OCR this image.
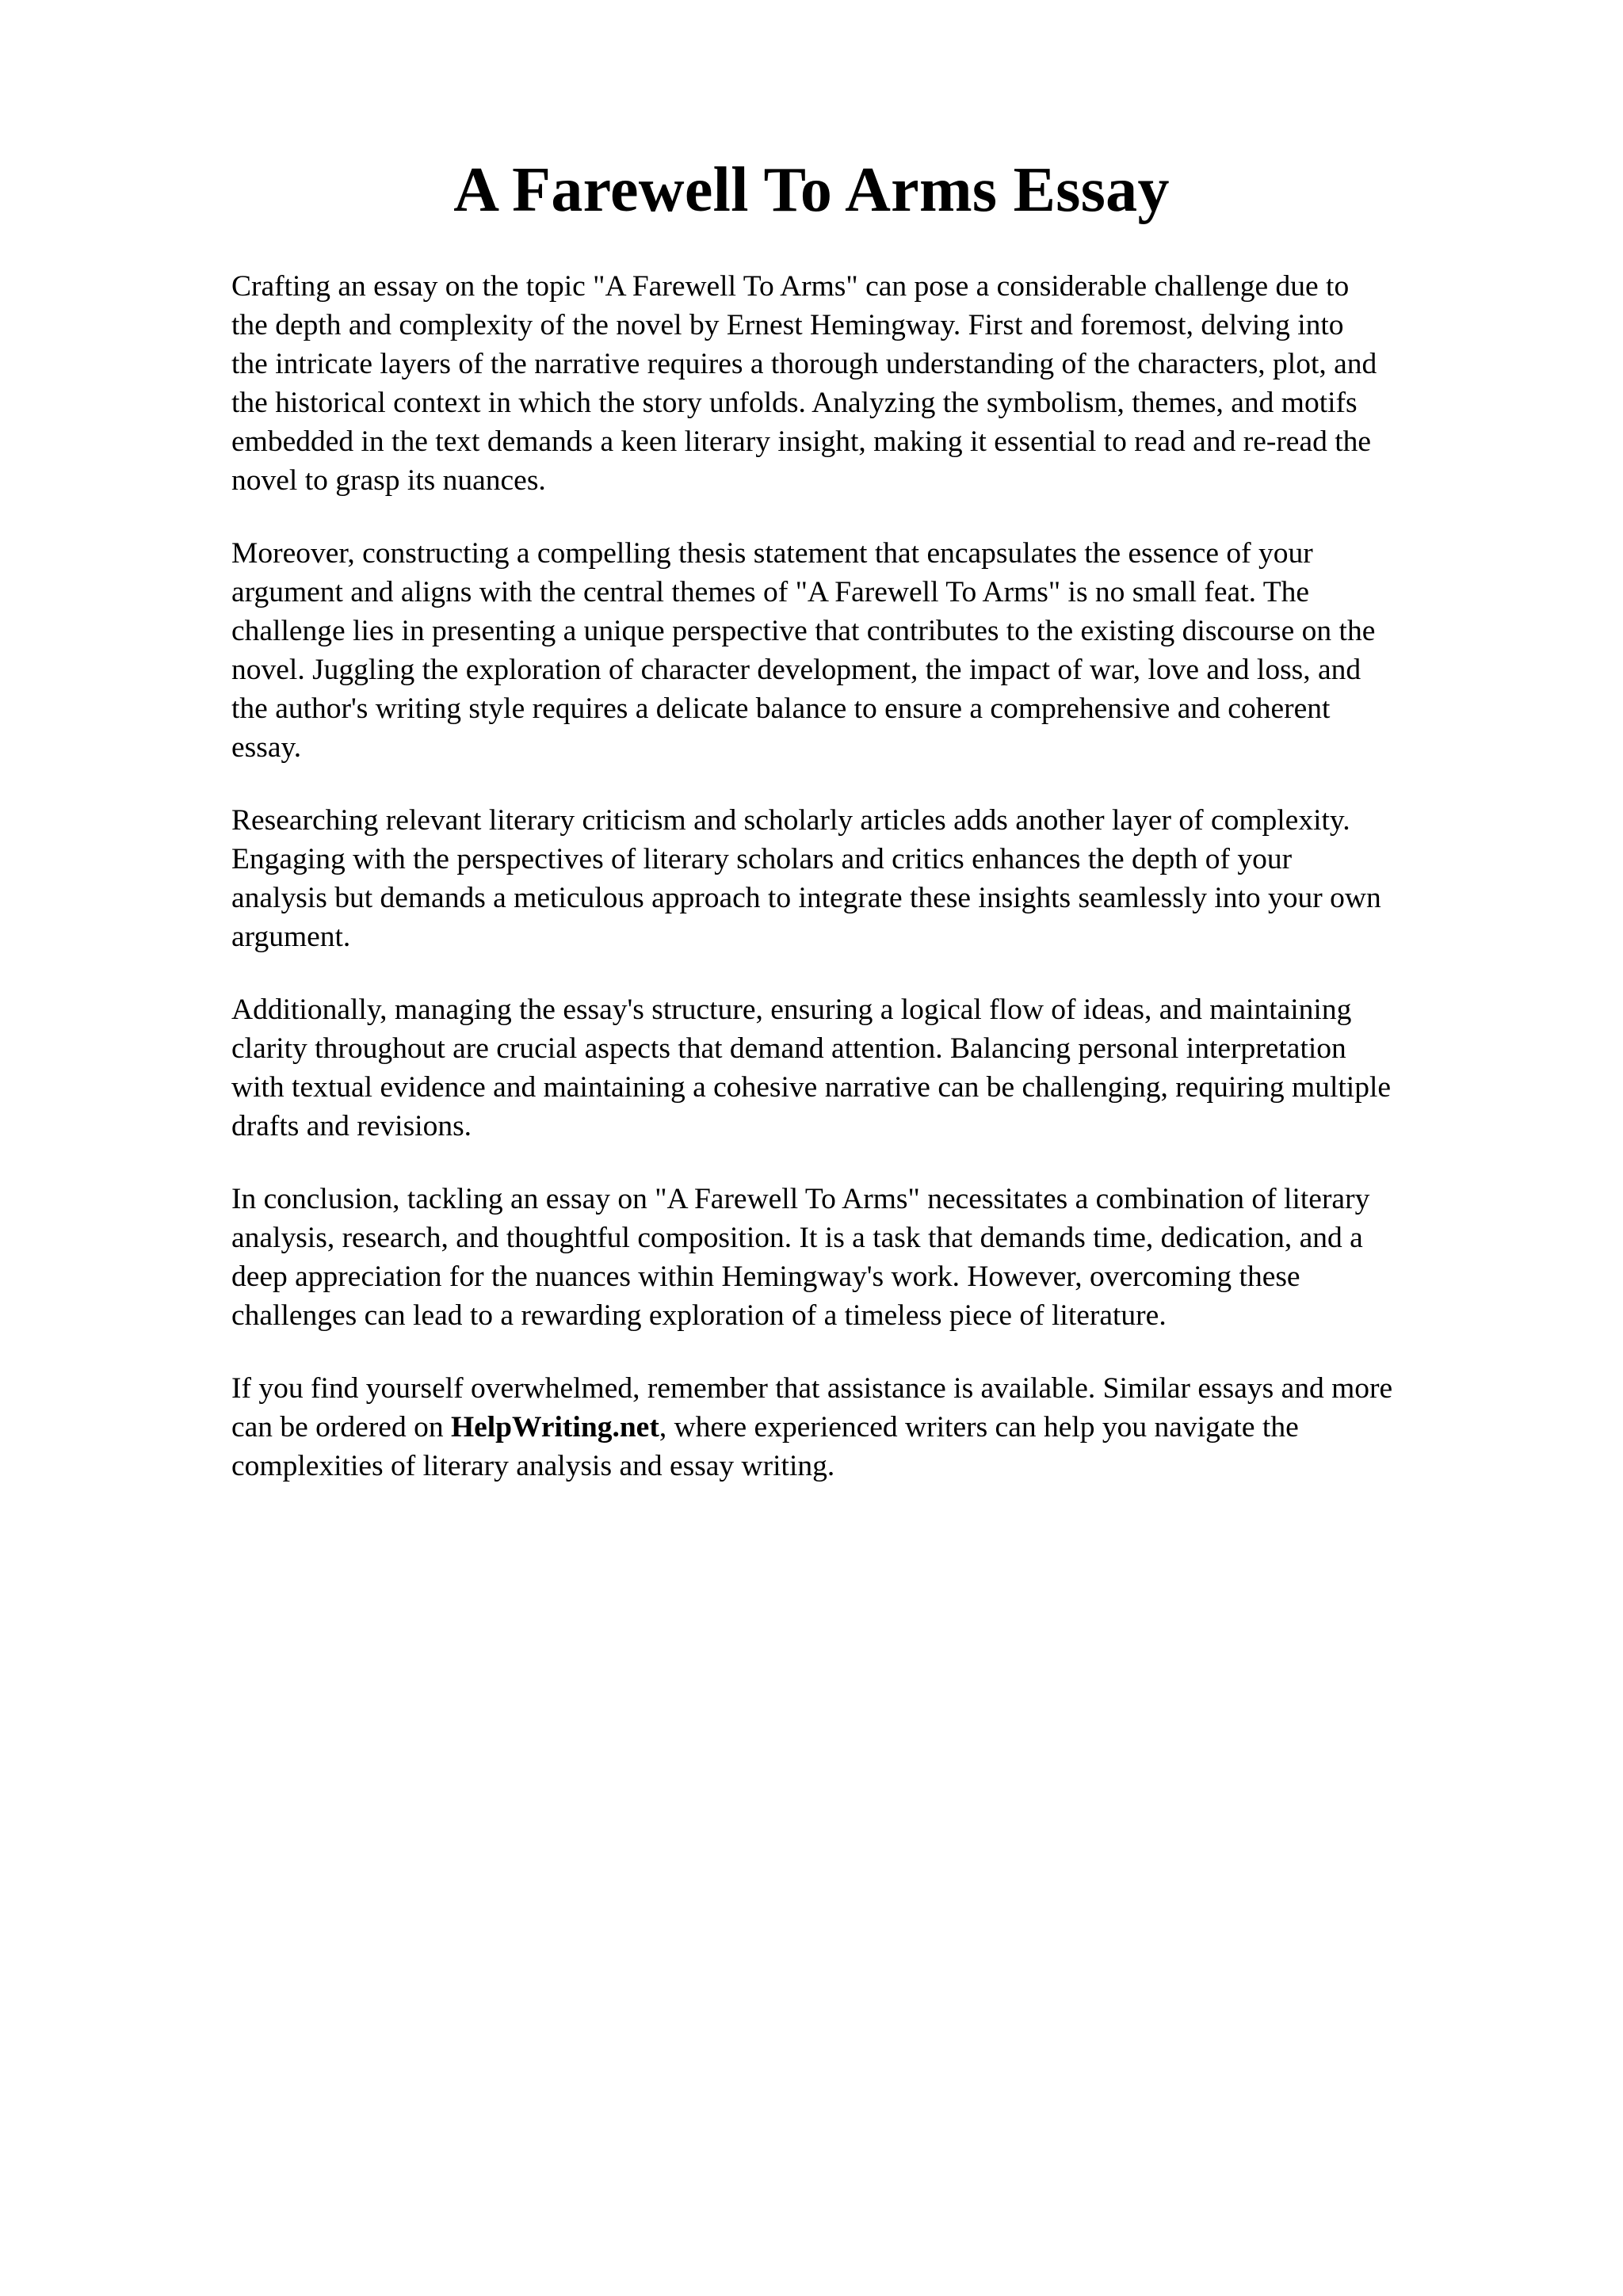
A Farewell To Arms Essay

Crafting an essay on the topic "A Farewell To Arms" can pose a considerable challenge due to
the depth and complexity of the novel by Ernest Hemingway. First and foremost, delving into
the intricate layers of the narrative requires a thorough understanding of the characters, plot, and
the historical context in which the story unfolds. Analyzing the symbolism, themes, and motifs
embedded in the text demands a keen literary insight, making it essential to read and re-read the
novel to grasp its nuances.

Moreover, constructing a compelling thesis statement that encapsulates the essence of your
argument and aligns with the central themes of "A Farewell To Arms" is no small feat. The
challenge lies in presenting a unique perspective that contributes to the existing discourse on the
novel. Juggling the exploration of character development, the impact of war, love and loss, and
the author's writing style requires a delicate balance to ensure a comprehensive and coherent
essay.

Researching relevant literary criticism and scholarly articles adds another layer of complexity.
Engaging with the perspectives of literary scholars and critics enhances the depth of your
analysis but demands a meticulous approach to integrate these insights seamlessly into your own
argument.

Additionally, managing the essay's structure, ensuring a logical flow of ideas, and maintaining
clarity throughout are crucial aspects that demand attention. Balancing personal interpretation
with textual evidence and maintaining a cohesive narrative can be challenging, requiring multiple
drafts and revisions.

In conclusion, tackling an essay on "A Farewell To Arms" necessitates a combination of literary
analysis, research, and thoughtful composition. It is a task that demands time, dedication, and a
deep appreciation for the nuances within Hemingway's work. However, overcoming these
challenges can lead to a rewarding exploration of a timeless piece of literature.

If you find yourself overwhelmed, remember that assistance is available. Similar essays and more
can be ordered on HelpWriting.net, where experienced writers can help you navigate the
complexities of literary analysis and essay writing.
